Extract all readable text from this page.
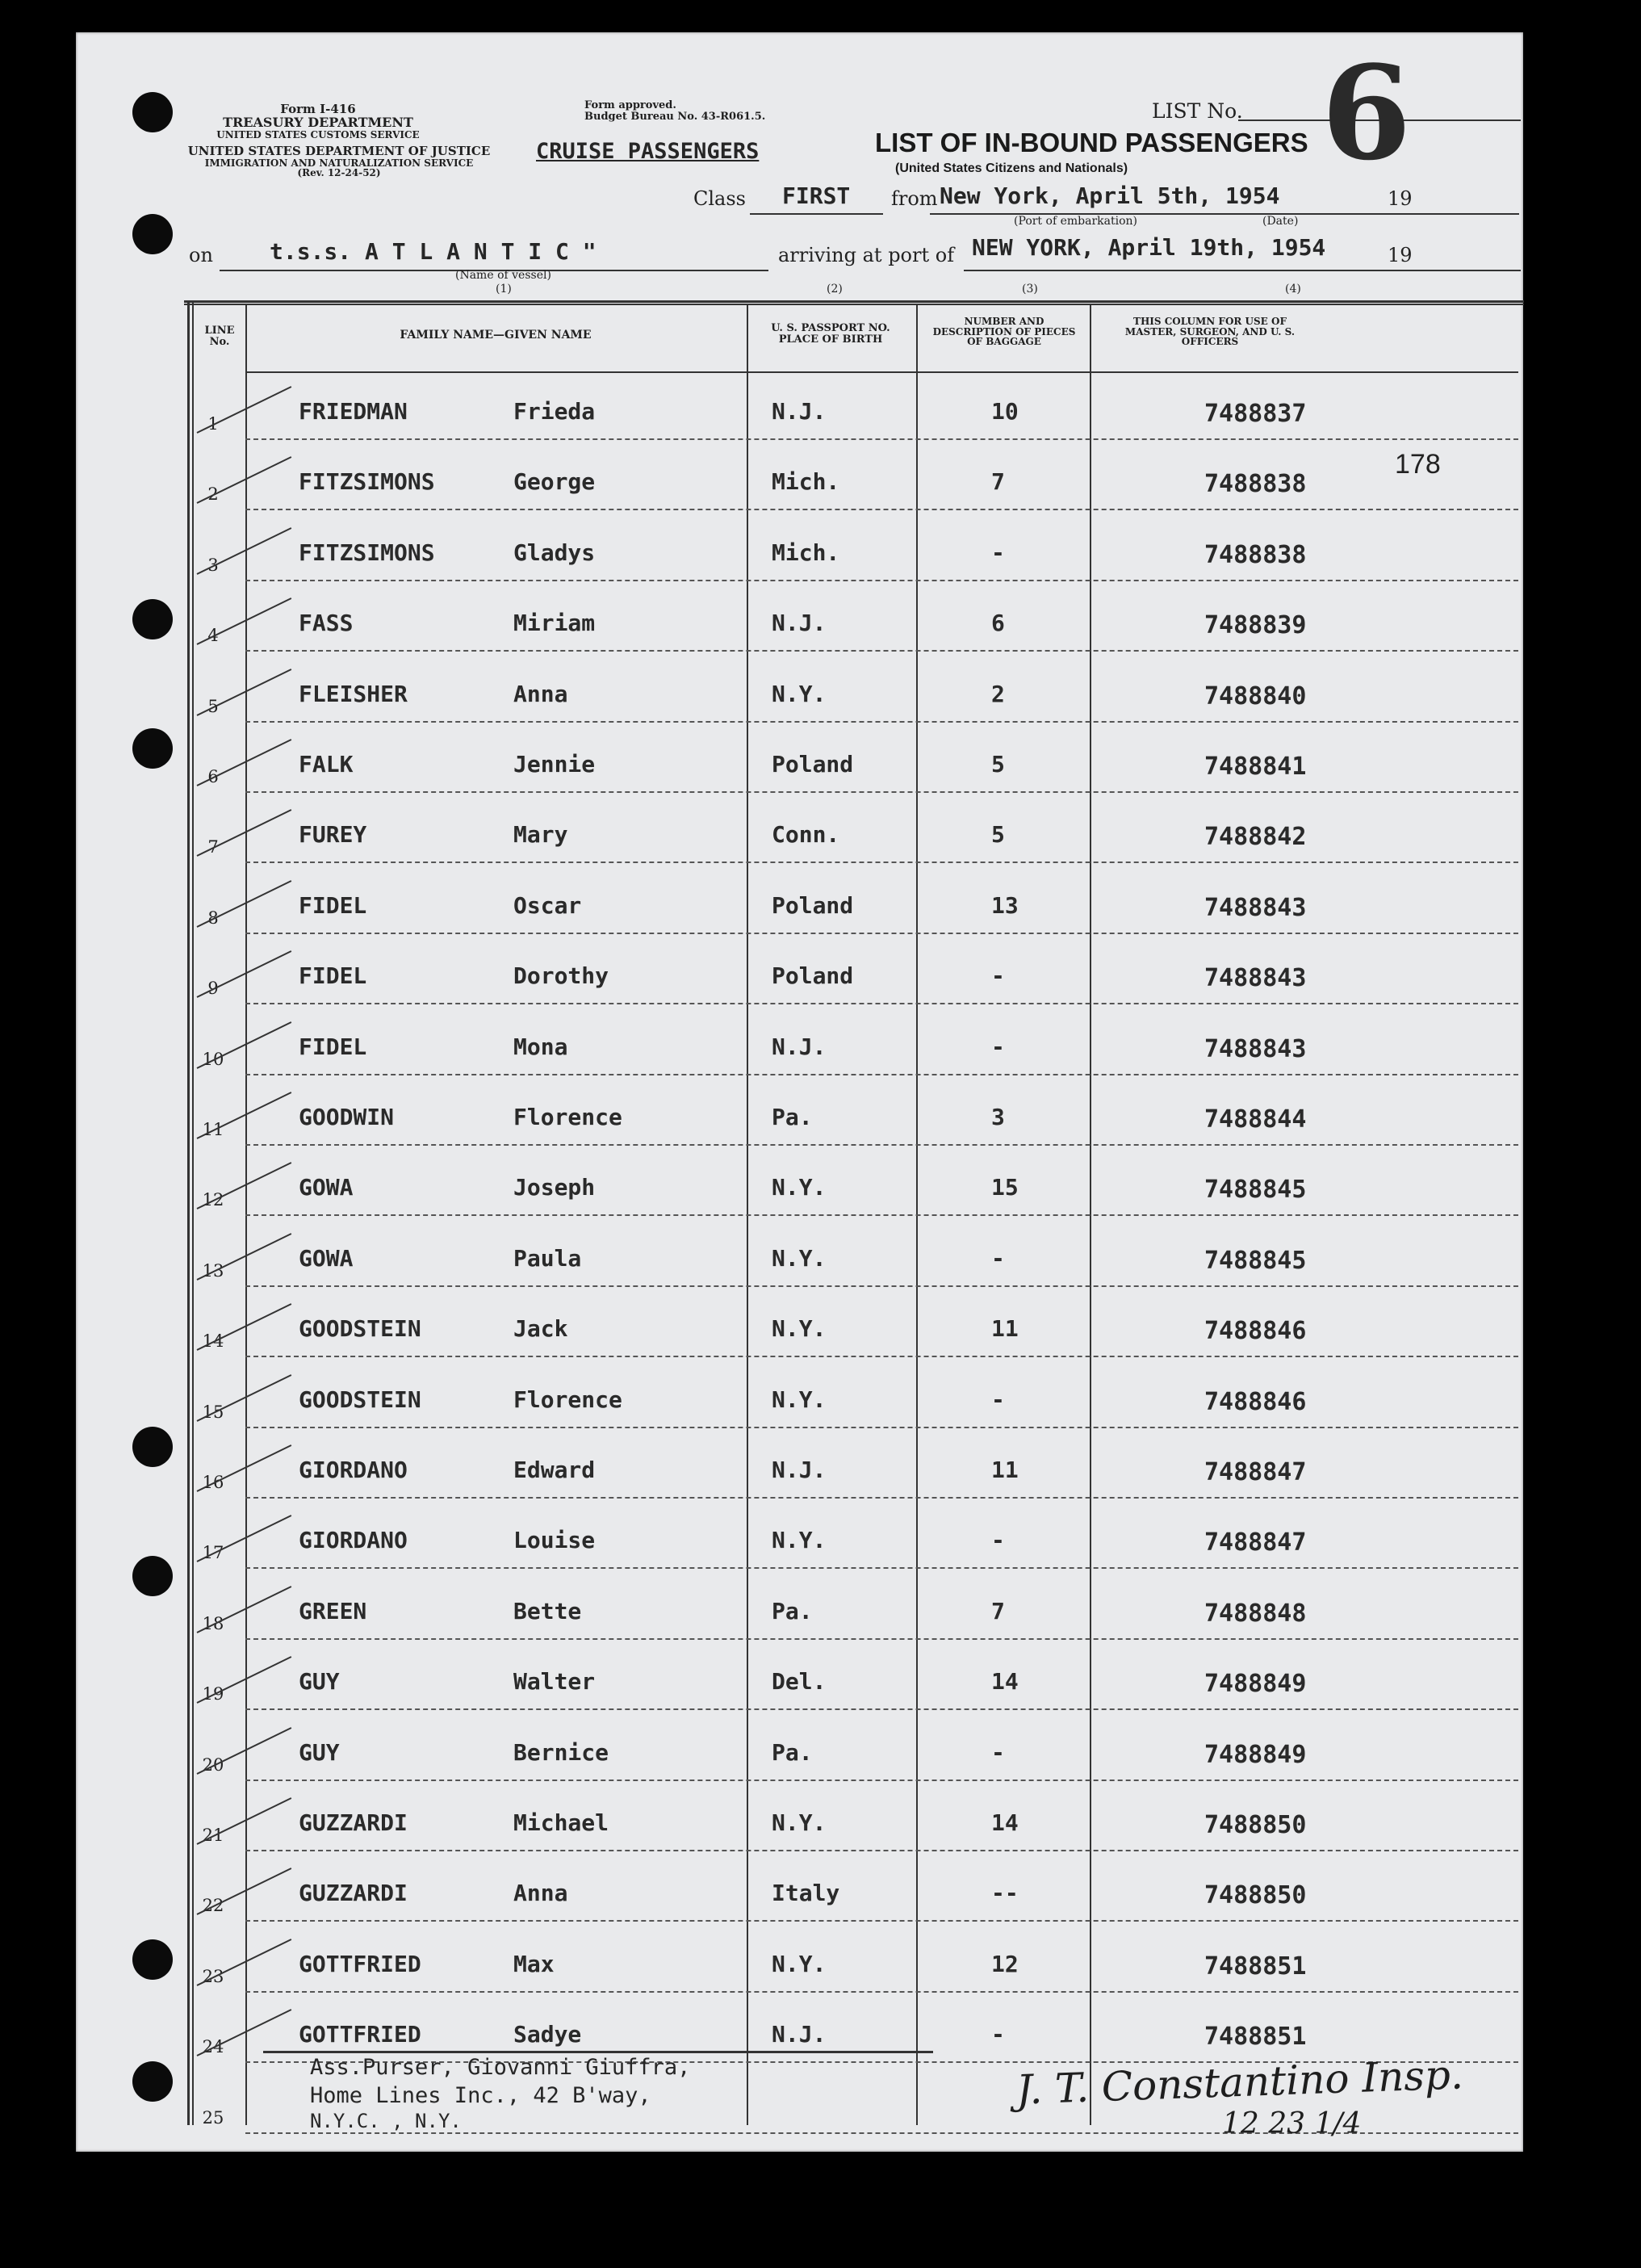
Form I-416
TREASURY DEPARTMENT
UNITED STATES CUSTOMS SERVICE
UNITED STATES DEPARTMENT OF JUSTICE
IMMIGRATION AND NATURALIZATION SERVICE
(Rev. 12-24-52)
Form approved.
Budget Bureau No. 43-R061.5.
CRUISE PASSENGERS	LIST OF IN-BOUND PASSENGERS
(United States Citizens and Nationals)
LIST No. 6
Class FIRST from New York, April 5th, 1954	19
(Port of embarkation)	(Date)
on	t.s.s. A T L A N T I C "
(Name of vessel)
arriving at port of NEW YORK, April 19th, 1954	19
(1)	(2)	(3)	(4)
LINE No.
FAMILY NAME—GIVEN NAME
U. S. PASSPORT NO. PLACE OF BIRTH
NUMBER AND DESCRIPTION OF PIECES OF BAGGAGE
THIS COLUMN FOR USE OF MASTER, SURGEON, AND U. S. OFFICERS
178
1	FRIEDMAN	Frieda	N.J.	10	7488837
2	FITZSIMONS	George	Mich.	7	7488838
3	FITZSIMONS	Gladys	Mich.	-	7488838
4	FASS	Miriam	N.J.	6	7488839
5	FLEISHER	Anna	N.Y.	2	7488840
6	FALK	Jennie	Poland	5	7488841
7	FUREY	Mary	Conn.	5	7488842
8	FIDEL	Oscar	Poland	13	7488843
9	FIDEL	Dorothy	Poland	-	7488843
10	FIDEL	Mona	N.J.	-	7488843
11	GOODWIN	Florence	Pa.	3	7488844
12	GOWA	Joseph	N.Y.	15	7488845
13	GOWA	Paula	N.Y.	-	7488845
14	GOODSTEIN	Jack	N.Y.	11	7488846
15	GOODSTEIN	Florence	N.Y.	-	7488846
16	GIORDANO	Edward	N.J.	11	7488847
17	GIORDANO	Louise	N.Y.	-	7488847
18	GREEN	Bette	Pa.	7	7488848
19	GUY	Walter	Del.	14	7488849
20	GUY	Bernice	Pa.	-	7488849
21	GUZZARDI	Michael	N.Y.	14	7488850
22	GUZZARDI	Anna	Italy	--	7488850
23	GOTTFRIED	Max	N.Y.	12	7488851
24	GOTTFRIED	Sadye	N.J.	-	7488851
25
Ass.Purser, Giovanni Giuffra,
Home Lines Inc., 42 B'way,
N.Y.C. , N.Y.
J. T. Constantino Insp.
12 23 1/4
